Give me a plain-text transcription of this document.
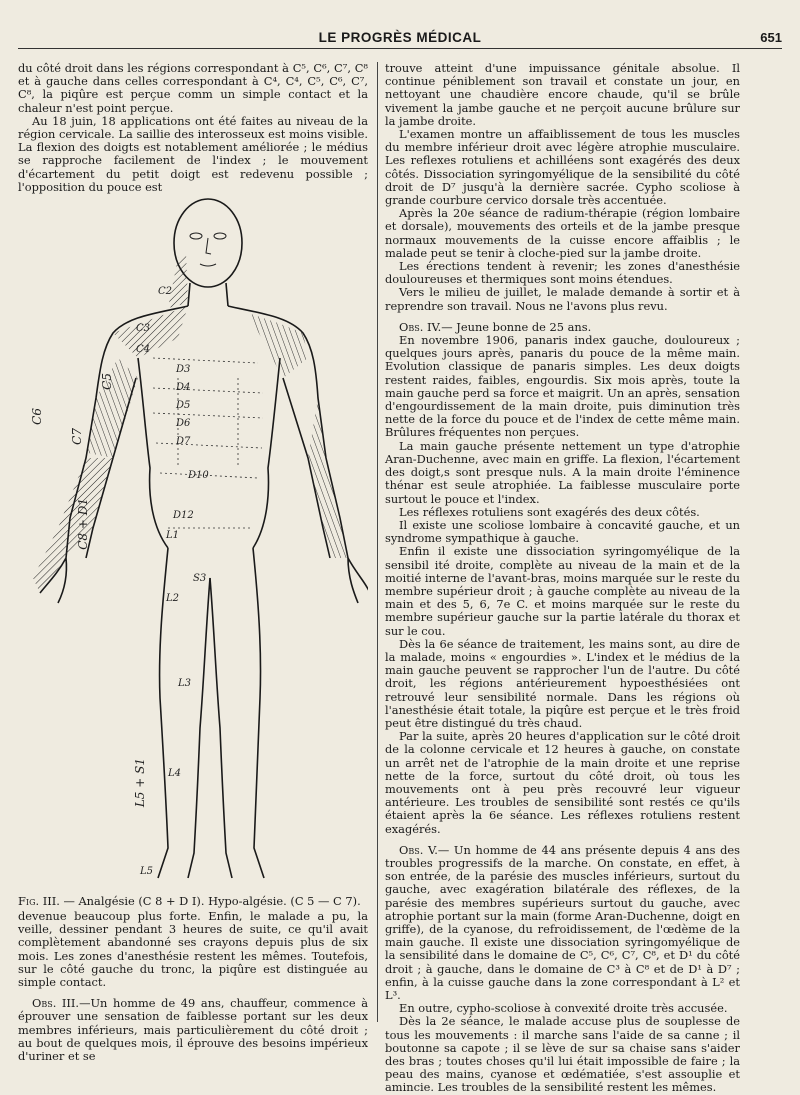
LE PROGRÈS MÉDICAL	651

du côté droit dans les régions correspondant à C⁵, C⁶, C⁷, C⁸ et à gauche dans celles correspondant à C⁴, C⁴, C⁵, C⁶, C⁷, C⁸, la piqûre est perçue comm un simple contact et la chaleur n'est point perçue.

Au 18 juin, 18 applications ont été faites au niveau de la région cervicale. La saillie des interosseux est moins visible. La flexion des doigts est notablement améliorée ; le médius se rapproche facilement de l'index ; le mouvement d'écartement du petit doigt est redevenu possible ; l'opposition du pouce est

C2
C3
C4
C5
C6
C7
C8 + D1
D3
D4
D5
D6
D7
D10
D12
L1
L2
S3
L3
L4
L5 + S1
L5
Fig. III. — Analgésie (C 8 + D I). Hypo-algésie. (C 5 — C 7).

devenue beaucoup plus forte. Enfin, le malade a pu, la veille, dessiner pendant 3 heures de suite, ce qu'il avait complètement abandonné ses crayons depuis plus de six mois. Les zones d'anesthésie restent les mêmes. Toutefois, sur le côté gauche du tronc, la piqûre est distinguée au simple contact.

Obs. III.—Un homme de 49 ans, chauffeur, commence à éprouver une sensation de faiblesse portant sur les deux membres inférieurs, mais particulièrement du côté droit ; au bout de quelques mois, il éprouve des besoins impérieux d'uriner et se

trouve atteint d'une impuissance génitale absolue. Il continue péniblement son travail et constate un jour, en nettoyant une chaudière encore chaude, qu'il se brûle vivement la jambe gauche et ne perçoit aucune brûlure sur la jambe droite.

L'examen montre un affaiblissement de tous les muscles du membre inférieur droit avec légère atrophie musculaire. Les reflexes rotuliens et achilléens sont exagérés des deux côtés. Dissociation syringomyélique de la sensibilité du côté droit de D⁷ jusqu'à la dernière sacrée. Cypho scoliose à grande courbure cervico dorsale très accentuée.

Après la 20e séance de radium-thérapie (région lombaire et dorsale), mouvements des orteils et de la jambe presque normaux mouvements de la cuisse encore affaiblis ; le malade peut se tenir à cloche-pied sur la jambe droite.

Les érections tendent à revenir; les zones d'anesthésie douloureuses et thermiques sont moins étendues.

Vers le milieu de juillet, le malade demande à sortir et à reprendre son travail. Nous ne l'avons plus revu.

Obs. IV.— Jeune bonne de 25 ans.

En novembre 1906, panaris index gauche, douloureux ; quelques jours après, panaris du pouce de la même main. Evolution classique de panaris simples. Les deux doigts restent raides, faibles, engourdis. Six mois après, toute la main gauche perd sa force et maigrit. Un an après, sensation d'engourdissement de la main droite, puis diminution très nette de la force du pouce et de l'index de cette même main. Brûlures fréquentes non perçues.

La main gauche présente nettement un type d'atrophie Aran-Duchenne, avec main en griffe. La flexion, l'écartement des doigt,s sont presque nuls. A la main droite l'éminence thénar est seule atrophiée. La faiblesse musculaire porte surtout le pouce et l'index.

Les réflexes rotuliens sont exagérés des deux côtés.

Il existe une scoliose lombaire à concavité gauche, et un syndrome sympathique à gauche.

Enfin il existe une dissociation syringomyélique de la sensibil ité droite, complète au niveau de la main et de la moitié interne de l'avant-bras, moins marquée sur le reste du membre supérieur droit ; à gauche complète au niveau de la main et des 5, 6, 7e C. et moins marquée sur le reste du membre supérieur gauche sur la partie latérale du thorax et sur le cou.

Dès la 6e séance de traitement, les mains sont, au dire de la malade, moins « engourdies ». L'index et le médius de la main gauche peuvent se rapprocher l'un de l'autre. Du côté droit, les régions antérieurement hypoesthésiées ont retrouvé leur sensibilité normale. Dans les régions où l'anesthésie était totale, la piqûre est perçue et le très froid peut être distingué du très chaud.

Par la suite, après 20 heures d'application sur le côté droit de la colonne cervicale et 12 heures à gauche, on constate un arrêt net de l'atrophie de la main droite et une reprise nette de la force, surtout du côté droit, où tous les mouvements ont à peu près recouvré leur vigueur antérieure. Les troubles de sensibilité sont restés ce qu'ils étaient après la 6e séance. Les réflexes rotuliens restent exagérés.

Obs. V.— Un homme de 44 ans présente depuis 4 ans des troubles progressifs de la marche. On constate, en effet, à son entrée, de la parésie des muscles inférieurs, surtout du gauche, avec exagération bilatérale des réflexes, de la parésie des membres supérieurs surtout du gauche, avec atrophie portant sur la main (forme Aran-Duchenne, doigt en griffe), de la cyanose, du refroidissement, de l'œdème de la main gauche. Il existe une dissociation syringomyélique de la sensibilité dans le domaine de C⁵, C⁶, C⁷, C⁸, et D¹ du côté droit ; à gauche, dans le domaine de C³ à C⁸ et de D¹ à D⁷ ; enfin, à la cuisse gauche dans la zone correspondant à L² et L³.

En outre, cypho-scoliose à convexité droite très accusée.

Dès la 2e séance, le malade accuse plus de souplesse de tous les mouvements : il marche sans l'aide de sa canne ; il boutonne sa capote ; il se lève de sur sa chaise sans s'aider des bras ; toutes choses qu'il lui était impossible de faire ; la peau des mains, cyanose et œdématiée, s'est assouplie et amincie. Les troubles de la sensibilité restent les mêmes.
